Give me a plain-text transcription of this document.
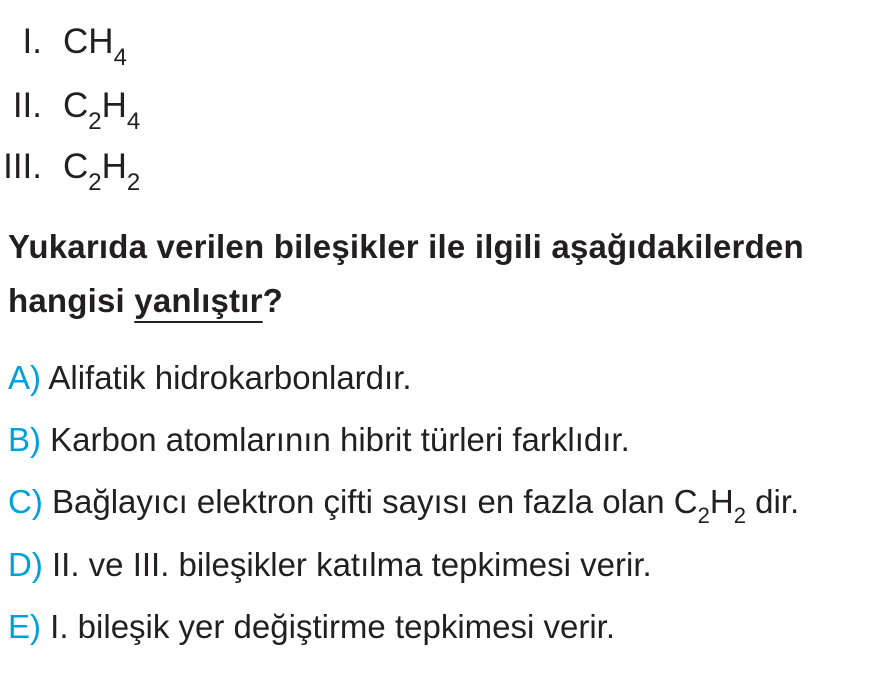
I. $CH_4$
II. $C_2H_4$
III. $C_2H_2$
Yukarıda verilen bileşikler ile ilgili aşağıdakilerden
hangisi yanlıştır?
A) Alifatik hidrokarbonlardır.
B) Karbon atomlarının hibrit türleri farklıdır.
C) Bağlayıcı elektron çifti sayısı en fazla olan $C_2H_2$ dir.
D) II. ve III. bileşikler katılma tepkimesi verir.
E) I. bileşik yer değiştirme tepkimesi verir.
